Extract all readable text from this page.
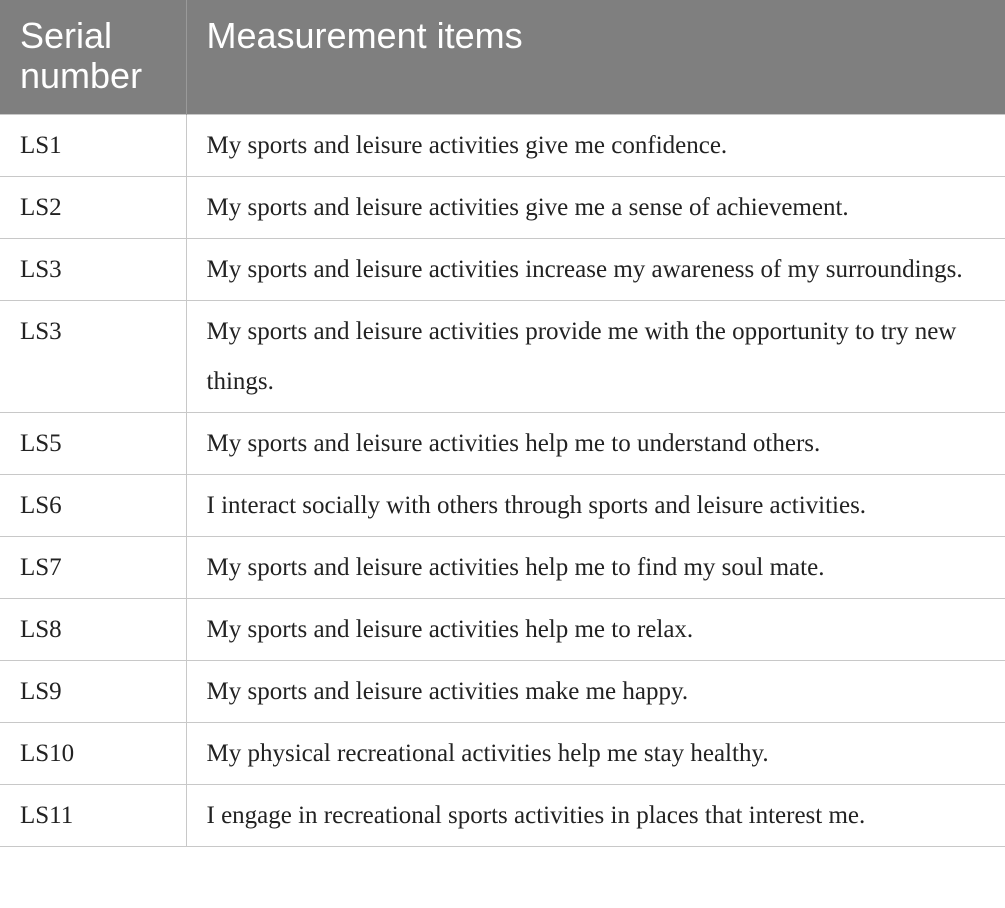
Serial number	Measurement items
LS1	My sports and leisure activities give me confidence.
LS2	My sports and leisure activities give me a sense of achievement.
LS3	My sports and leisure activities increase my awareness of my surroundings.
LS3	My sports and leisure activities provide me with the opportunity to try new things.
LS5	My sports and leisure activities help me to understand others.
LS6	I interact socially with others through sports and leisure activities.
LS7	My sports and leisure activities help me to find my soul mate.
LS8	My sports and leisure activities help me to relax.
LS9	My sports and leisure activities make me happy.
LS10	My physical recreational activities help me stay healthy.
LS11	I engage in recreational sports activities in places that interest me.
